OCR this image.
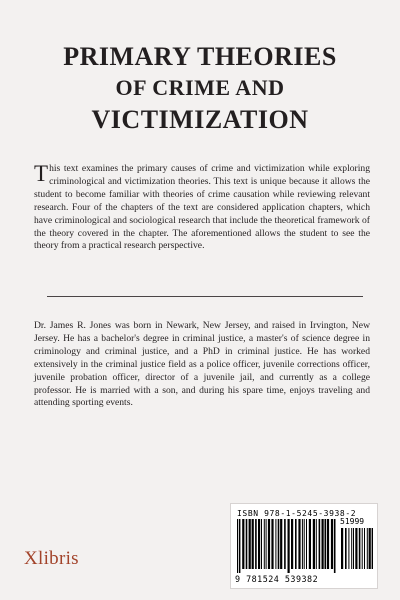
PRIMARY THEORIES
OF CRIME AND
VICTIMIZATION
This text examines the primary causes of crime and victimization while exploring criminological and victimization theories. This text is unique because it allows the student to become familiar with theories of crime causation while reviewing relevant research. Four of the chapters of the text are considered application chapters, which have criminological and sociological research that include the theoretical framework of the theory covered in the chapter. The aforementioned allows the student to see the theory from a practical research perspective.
Dr. James R. Jones was born in Newark, New Jersey, and raised in Irvington, New Jersey. He has a bachelor's degree in criminal justice, a master's of science degree in criminology and criminal justice, and a PhD in criminal justice. He has worked extensively in the criminal justice field as a police officer, juvenile corrections officer, juvenile probation officer, director of a juvenile jail, and currently as a college professor. He is married with a son, and during his spare time, enjoys traveling and attending sporting events.
Xlibris
ISBN 978-1-5245-3938-2
51999
9 781524 539382
